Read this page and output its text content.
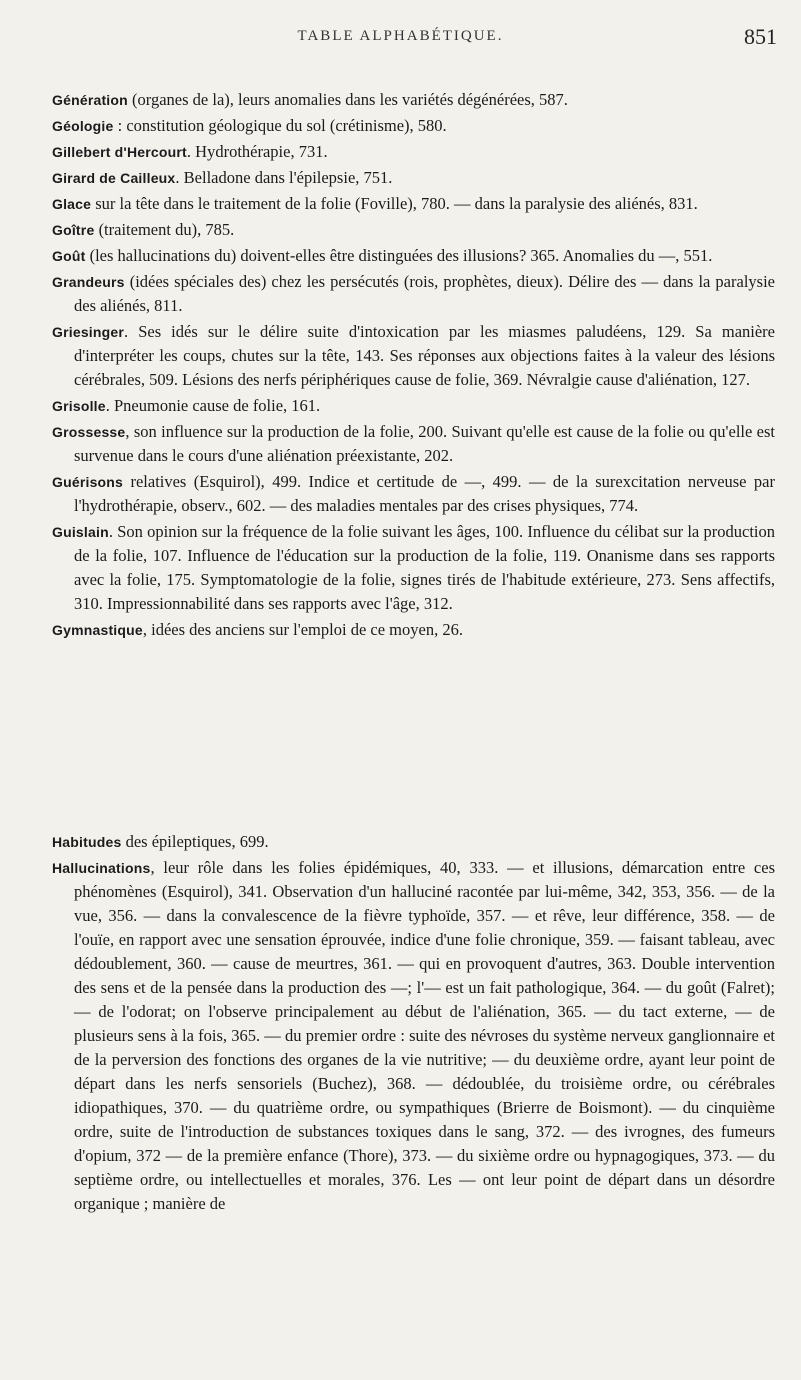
TABLE ALPHABÉTIQUE.	851

Génération (organes de la), leurs anomalies dans les variétés dégénérées, 587.

Géologie : constitution géologique du sol (crétinisme), 580.

Gillebert d'Hercourt. Hydrothérapie, 731.

Girard de Cailleux. Belladone dans l'épilepsie, 751.

Glace sur la tête dans le traitement de la folie (Foville), 780. — dans la paralysie des aliénés, 831.

Goître (traitement du), 785.

Goût (les hallucinations du) doivent-elles être distinguées des illusions? 365. Anomalies du —, 551.

Grandeurs (idées spéciales des) chez les persécutés (rois, prophètes, dieux). Délire des — dans la paralysie des aliénés, 811.

Griesinger. Ses idés sur le délire suite d'intoxication par les miasmes paludéens, 129. Sa manière d'interpréter les coups, chutes sur la tête, 143. Ses réponses aux objections faites à la valeur des lésions cérébrales, 509. Lésions des nerfs périphériques cause de folie, 369. Névralgie cause d'aliénation, 127.

Grisolle. Pneumonie cause de folie, 161.

Grossesse, son influence sur la production de la folie, 200. Suivant qu'elle est cause de la folie ou qu'elle est survenue dans le cours d'une aliénation préexistante, 202.

Guérisons relatives (Esquirol), 499. Indice et certitude de —, 499. — de la surexcitation nerveuse par l'hydrothérapie, observ., 602. — des maladies mentales par des crises physiques, 774.

Guislain. Son opinion sur la fréquence de la folie suivant les âges, 100. Influence du célibat sur la production de la folie, 107. Influence de l'éducation sur la production de la folie, 119. Onanisme dans ses rapports avec la folie, 175. Symptomatologie de la folie, signes tirés de l'habitude extérieure, 273. Sens affectifs, 310. Impressionnabilité dans ses rapports avec l'âge, 312.

Gymnastique, idées des anciens sur l'emploi de ce moyen, 26.

Habitudes des épileptiques, 699.

Hallucinations, leur rôle dans les folies épidémiques, 40, 333. — et illusions, démarcation entre ces phénomènes (Esquirol), 341. Observation d'un halluciné racontée par lui-même, 342, 353, 356. — de la vue, 356. — dans la convalescence de la fièvre typhoïde, 357. — et rêve, leur différence, 358. — de l'ouïe, en rapport avec une sensation éprouvée, indice d'une folie chronique, 359. — faisant tableau, avec dédoublement, 360. — cause de meurtres, 361. — qui en provoquent d'autres, 363. Double intervention des sens et de la pensée dans la production des —; l'— est un fait pathologique, 364. — du goût (Falret); — de l'odorat; on l'observe principalement au début de l'aliénation, 365. — du tact externe, — de plusieurs sens à la fois, 365. — du premier ordre : suite des névroses du système nerveux ganglionnaire et de la perversion des fonctions des organes de la vie nutritive; — du deuxième ordre, ayant leur point de départ dans les nerfs sensoriels (Buchez), 368. — dédoublée, du troisième ordre, ou cérébrales idiopathiques, 370. — du quatrième ordre, ou sympathiques (Brierre de Boismont). — du cinquième ordre, suite de l'introduction de substances toxiques dans le sang, 372. — des ivrognes, des fumeurs d'opium, 372 — de la première enfance (Thore), 373. — du sixième ordre ou hypnagogiques, 373. — du septième ordre, ou intellectuelles et morales, 376. Les — ont leur point de départ dans un désordre organique ; manière de
